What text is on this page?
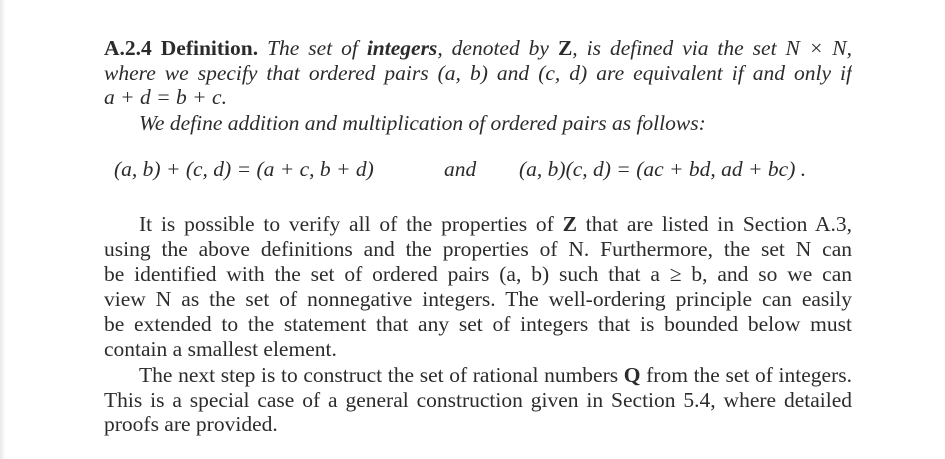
A.2.4 Definition. The set of integers, denoted by Z, is defined via the set N × N,
where we specify that ordered pairs (a, b) and (c, d) are equivalent if and only if
a + d = b + c.
We define addition and multiplication of ordered pairs as follows:
(a, b) + (c, d) = (a + c, b + d)	and (a, b)(c, d) = (ac + bd, ad + bc) .
It is possible to verify all of the properties of Z that are listed in Section A.3,
using the above definitions and the properties of N. Furthermore, the set N can
be identified with the set of ordered pairs (a, b) such that a ≥ b, and so we can
view N as the set of nonnegative integers. The well-ordering principle can easily
be extended to the statement that any set of integers that is bounded below must
contain a smallest element.
The next step is to construct the set of rational numbers Q from the set of integers.
This is a special case of a general construction given in Section 5.4, where detailed
proofs are provided.
